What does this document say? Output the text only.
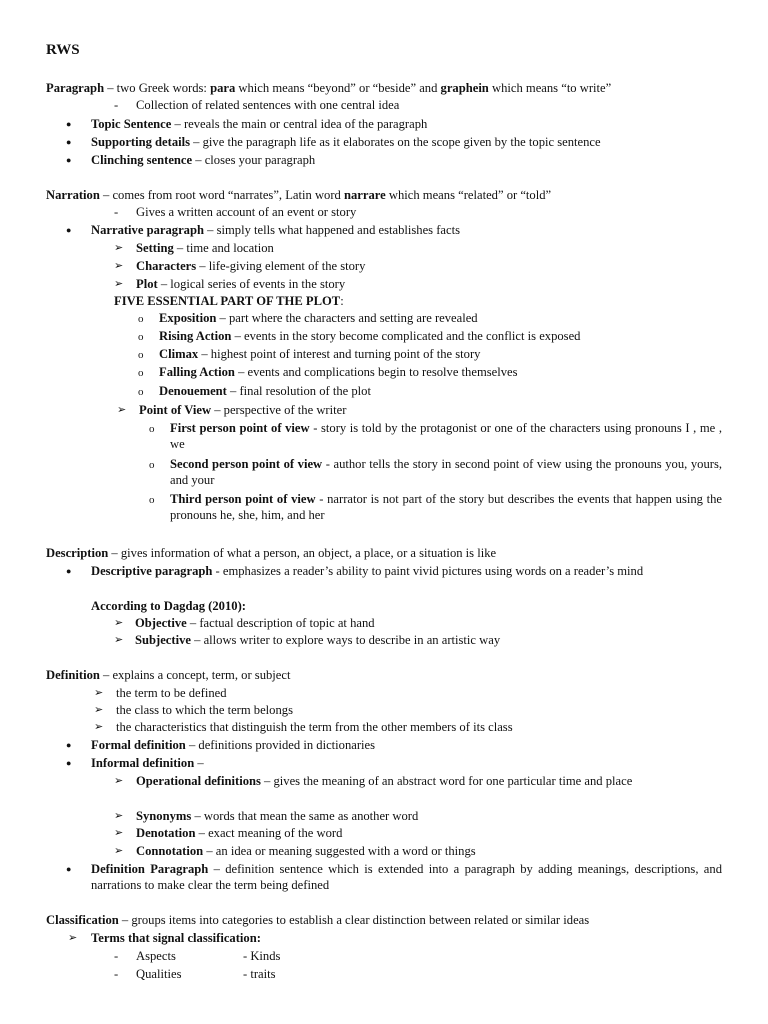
RWS
Paragraph – two Greek words: para which means “beyond” or “beside” and graphein which means “to write”
- Collection of related sentences with one central idea
● Topic Sentence – reveals the main or central idea of the paragraph
● Supporting details – give the paragraph life as it elaborates on the scope given by the topic sentence
● Clinching sentence – closes your paragraph
Narration – comes from root word “narrates”, Latin word narrare which means “related” or “told”
- Gives a written account of an event or story
● Narrative paragraph – simply tells what happened and establishes facts
➢ Setting – time and location
➢ Characters – life-giving element of the story
➢ Plot – logical series of events in the story
FIVE ESSENTIAL PART OF THE PLOT:
o Exposition – part where the characters and setting are revealed
o Rising Action – events in the story become complicated and the conflict is exposed
o Climax – highest point of interest and turning point of the story
o Falling Action – events and complications begin to resolve themselves
o Denouement – final resolution of the plot
➢ Point of View – perspective of the writer
o First person point of view - story is told by the protagonist or one of the characters using pronouns I , me , we
o Second person point of view - author tells the story in second point of view using the pronouns you, yours, and your
o Third person point of view - narrator is not part of the story but describes the events that happen using the pronouns he, she, him, and her
Description – gives information of what a person, an object, a place, or a situation is like
● Descriptive paragraph - emphasizes a reader’s ability to paint vivid pictures using words on a reader’s mind
According to Dagdag (2010):
➢ Objective – factual description of topic at hand
➢ Subjective – allows writer to explore ways to describe in an artistic way
Definition – explains a concept, term, or subject
➢ the term to be defined
➢ the class to which the term belongs
➢ the characteristics that distinguish the term from the other members of its class
● Formal definition – definitions provided in dictionaries
● Informal definition –
➢ Operational definitions – gives the meaning of an abstract word for one particular time and place
➢ Synonyms – words that mean the same as another word
➢ Denotation – exact meaning of the word
➢ Connotation – an idea or meaning suggested with a word or things
● Definition Paragraph – definition sentence which is extended into a paragraph by adding meanings, descriptions, and narrations to make clear the term being defined
Classification – groups items into categories to establish a clear distinction between related or similar ideas
➢ Terms that signal classification:
- Aspects	- Kinds
- Qualities	- traits
